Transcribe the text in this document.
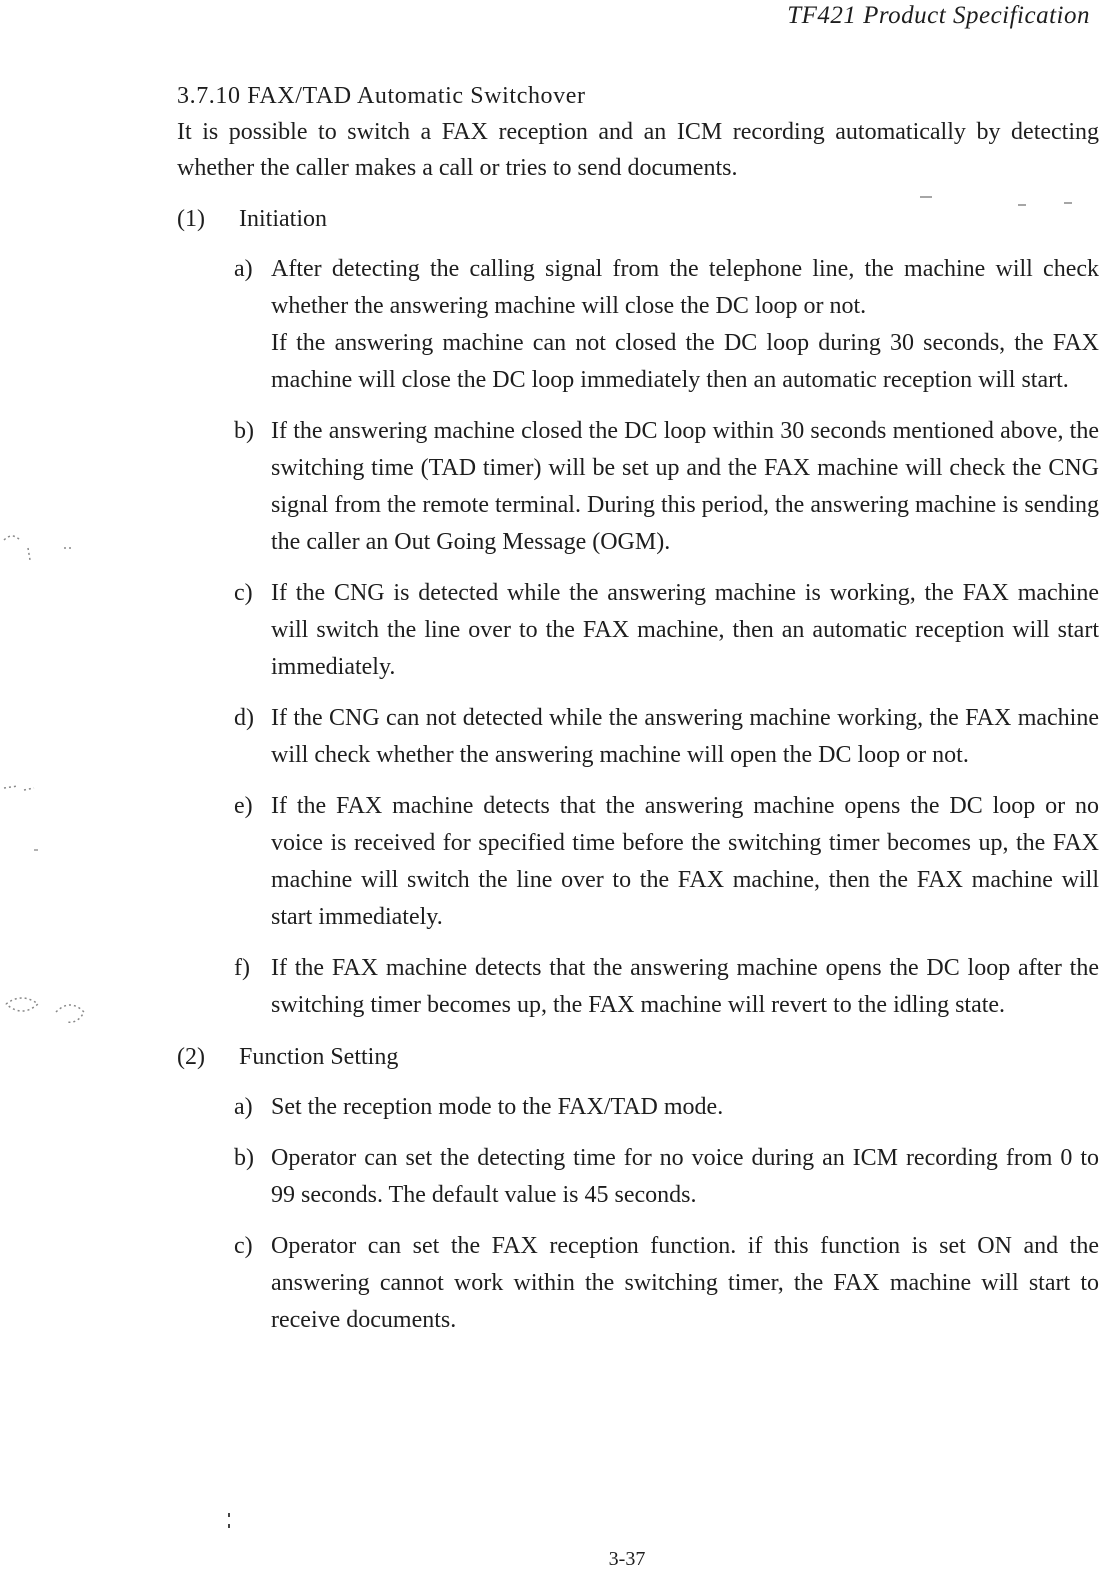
TF421 Product Specification

3.7.10 FAX/TAD Automatic Switchover

It is possible to switch a FAX reception and an ICM recording automatically by detecting whether the caller makes a call or tries to send documents.

(1)	Initiation
a) After detecting the calling signal from the telephone line, the machine will check whether the answering machine will close the DC loop or not.
If the answering machine can not closed the DC loop during 30 seconds, the FAX machine will close the DC loop immediately then an automatic reception will start.
b) If the answering machine closed the DC loop within 30 seconds mentioned above, the switching time (TAD timer) will be set up and the FAX machine will check the CNG signal from the remote terminal. During this period, the answering machine is sending the caller an Out Going Message (OGM).
c) If the CNG is detected while the answering machine is working, the FAX machine will switch the line over to the FAX machine, then an automatic reception will start immediately.
d) If the CNG can not detected while the answering machine working, the FAX machine will check whether the answering machine will open the DC loop or not.
e) If the FAX machine detects that the answering machine opens the DC loop or no voice is received for specified time before the switching timer becomes up, the FAX machine will switch the line over to the FAX machine, then the FAX machine will start immediately.
f) If the FAX machine detects that the answering machine opens the DC loop after the switching timer becomes up, the FAX machine will revert to the idling state.
(2)	Function Setting
a) Set the reception mode to the FAX/TAD mode.
b) Operator can set the detecting time for no voice during an ICM recording from 0 to 99 seconds. The default value is 45 seconds.
c) Operator can set the FAX reception function. if this function is set ON and the answering cannot work within the switching timer, the FAX machine will start to receive documents.
3-37
